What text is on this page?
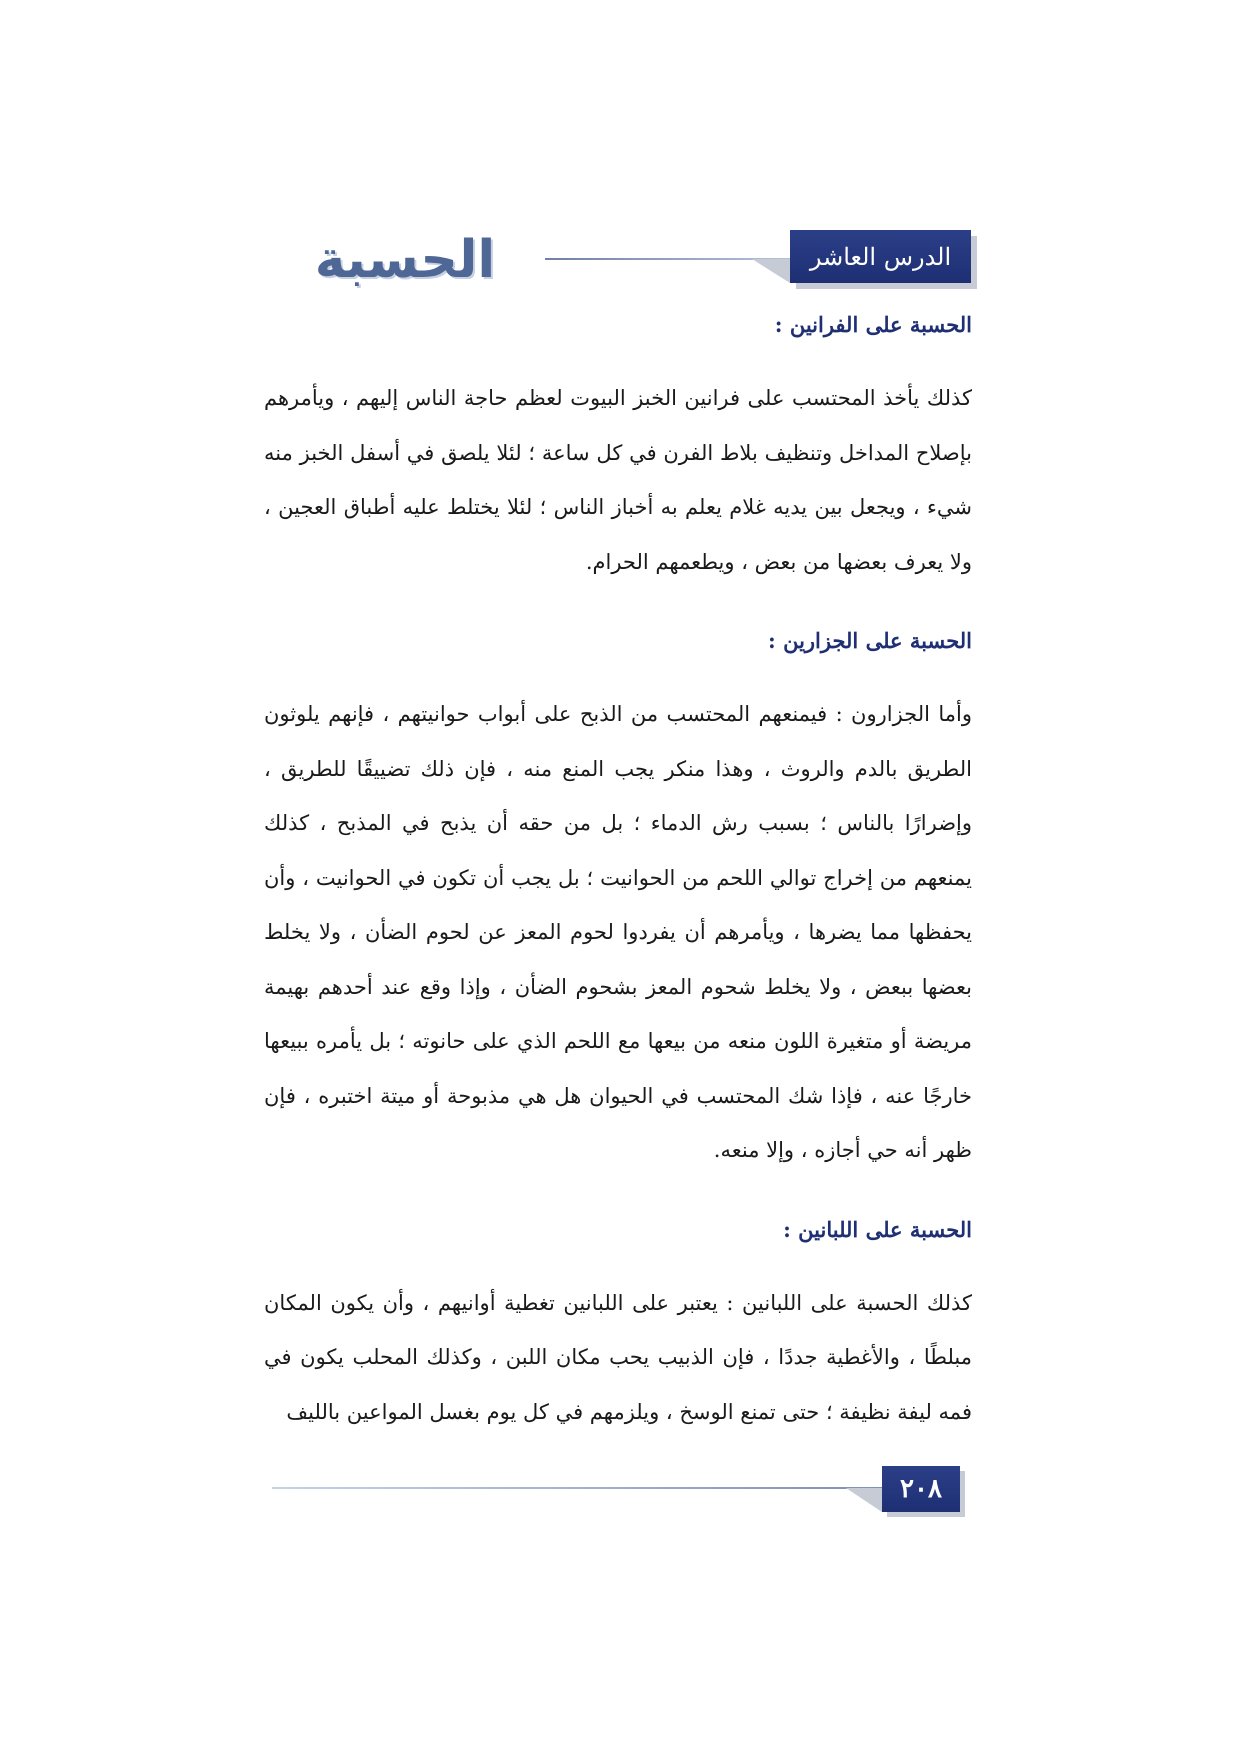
الحسبة	الدرس العاشر
الحسبة على الفرانين :
كذلك يأخذ المحتسب على فرانين الخبز البيوت لعظم حاجة الناس إليهم ، ويأمرهم بإصلاح المداخل وتنظيف بلاط الفرن في كل ساعة ؛ لئلا يلصق في أسفل الخبز منه شيء ، ويجعل بين يديه غلام يعلم به أخباز الناس ؛ لئلا يختلط عليه أطباق العجين ، ولا يعرف بعضها من بعض ، ويطعمهم الحرام.
الحسبة على الجزارين :
وأما الجزارون : فيمنعهم المحتسب من الذبح على أبواب حوانيتهم ، فإنهم يلوثون الطريق بالدم والروث ، وهذا منكر يجب المنع منه ، فإن ذلك تضييقًا للطريق ، وإضرارًا بالناس ؛ بسبب رش الدماء ؛ بل من حقه أن يذبح في المذبح ، كذلك يمنعهم من إخراج توالي اللحم من الحوانيت ؛ بل يجب أن تكون في الحوانيت ، وأن يحفظها مما يضرها ، ويأمرهم أن يفردوا لحوم المعز عن لحوم الضأن ، ولا يخلط بعضها ببعض ، ولا يخلط شحوم المعز بشحوم الضأن ، وإذا وقع عند أحدهم بهيمة مريضة أو متغيرة اللون منعه من بيعها مع اللحم الذي على حانوته ؛ بل يأمره ببيعها خارجًا عنه ، فإذا شك المحتسب في الحيوان هل هي مذبوحة أو ميتة اختبره ، فإن ظهر أنه حي أجازه ، وإلا منعه.
الحسبة على اللبانين :
كذلك الحسبة على اللبانين : يعتبر على اللبانين تغطية أوانيهم ، وأن يكون المكان مبلطًا ، والأغطية جددًا ، فإن الذبيب يحب مكان اللبن ، وكذلك المحلب يكون في فمه ليفة نظيفة ؛ حتى تمنع الوسخ ، ويلزمهم في كل يوم بغسل المواعين بالليف
٢٠٨
